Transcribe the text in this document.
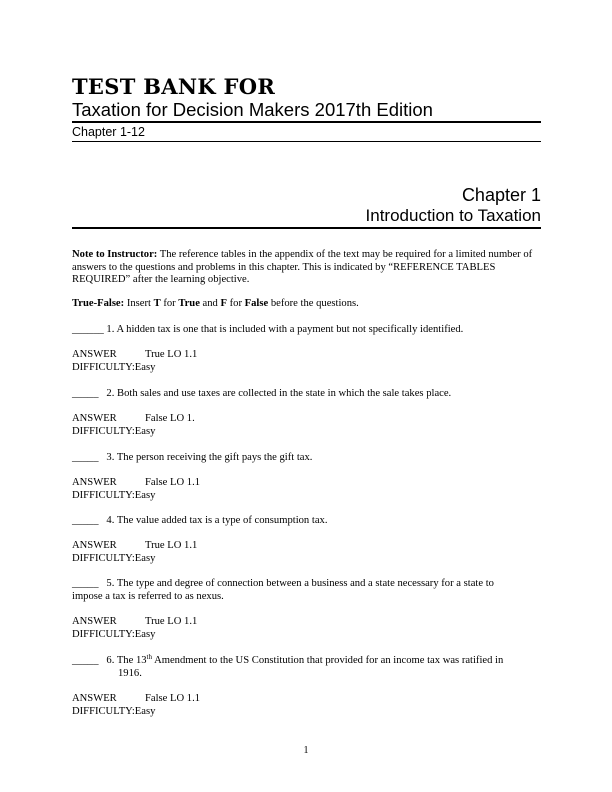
TEST BANK FOR
Taxation for Decision Makers 2017th Edition
Chapter 1-12
Chapter 1
Introduction to Taxation
Note to Instructor: The reference tables in the appendix of the text may be required for a limited number of answers to the questions and problems in this chapter. This is indicated by “REFERENCE TABLES REQUIRED” after the learning objective.
True-False: Insert T for True and F for False before the questions.
______ 1. A hidden tax is one that is included with a payment but not specifically identified.
ANSWER	True LO 1.1
DIFFICULTY: Easy
_____   2. Both sales and use taxes are collected in the state in which the sale takes place.
ANSWER	False LO 1.
DIFFICULTY: Easy
_____   3. The person receiving the gift pays the gift tax.
ANSWER	False LO 1.1
DIFFICULTY: Easy
_____   4. The value added tax is a type of consumption tax.
ANSWER	True LO 1.1
DIFFICULTY: Easy
_____   5. The type and degree of connection between a business and a state necessary for a state to
impose a tax is referred to as nexus.
ANSWER	True LO 1.1
DIFFICULTY: Easy
_____   6. The 13th Amendment to the US Constitution that provided for an income tax was ratified in
1916.
ANSWER	False LO 1.1
DIFFICULTY: Easy
1
